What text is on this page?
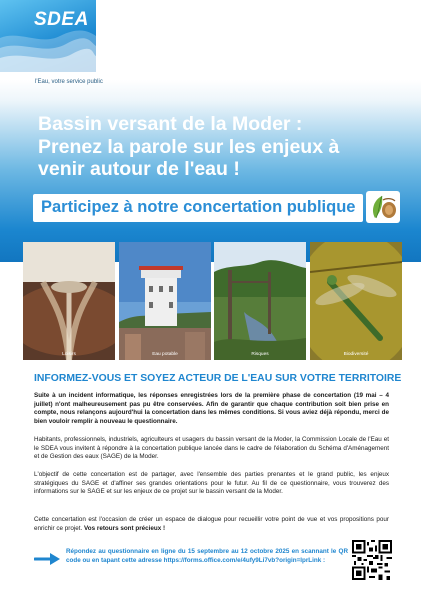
SDEA
l'Eau, votre service public
Bassin versant de la Moder :
Prenez la parole sur les enjeux à
venir autour de l'eau !
Participez à notre concertation publique
Loisirs	Eau potable	Risques	Biodiversité
INFORMEZ-VOUS ET SOYEZ ACTEUR DE L'EAU SUR VOTRE TERRITOIRE
Suite à un incident informatique, les réponses enregistrées lors de la première phase de concertation (19 mai – 4 juillet) n'ont malheureusement pas pu être conservées. Afin de garantir que chaque contribution soit bien prise en compte, nous relançons aujourd'hui la concertation dans les mêmes conditions. Si vous aviez déjà répondu, merci de bien vouloir remplir à nouveau le questionnaire.
Habitants, professionnels, industriels, agriculteurs et usagers du bassin versant de la Moder, la Commission Locale de l'Eau et le SDEA vous invitent à répondre à la concertation publique lancée dans le cadre de l'élaboration du Schéma d'Aménagement et de Gestion des eaux (SAGE) de la Moder.
L'objectif de cette concertation est de partager, avec l'ensemble des parties prenantes et le grand public, les enjeux stratégiques du SAGE et d'affiner ses grandes orientations pour le futur. Au fil de ce questionnaire, vous trouverez des informations sur le SAGE et sur les enjeux de ce projet sur le bassin versant de la Moder.
Cette concertation est l'occasion de créer un espace de dialogue pour recueillir votre point de vue et vos propositions pour enrichir ce projet. Vos retours sont précieux !
Répondez au questionnaire en ligne du 15 septembre au 12 octobre 2025 en scannant le QR code ou en tapant cette adresse https://forms.office.com/e/4ufy9Li7vb?origin=lprLink :
